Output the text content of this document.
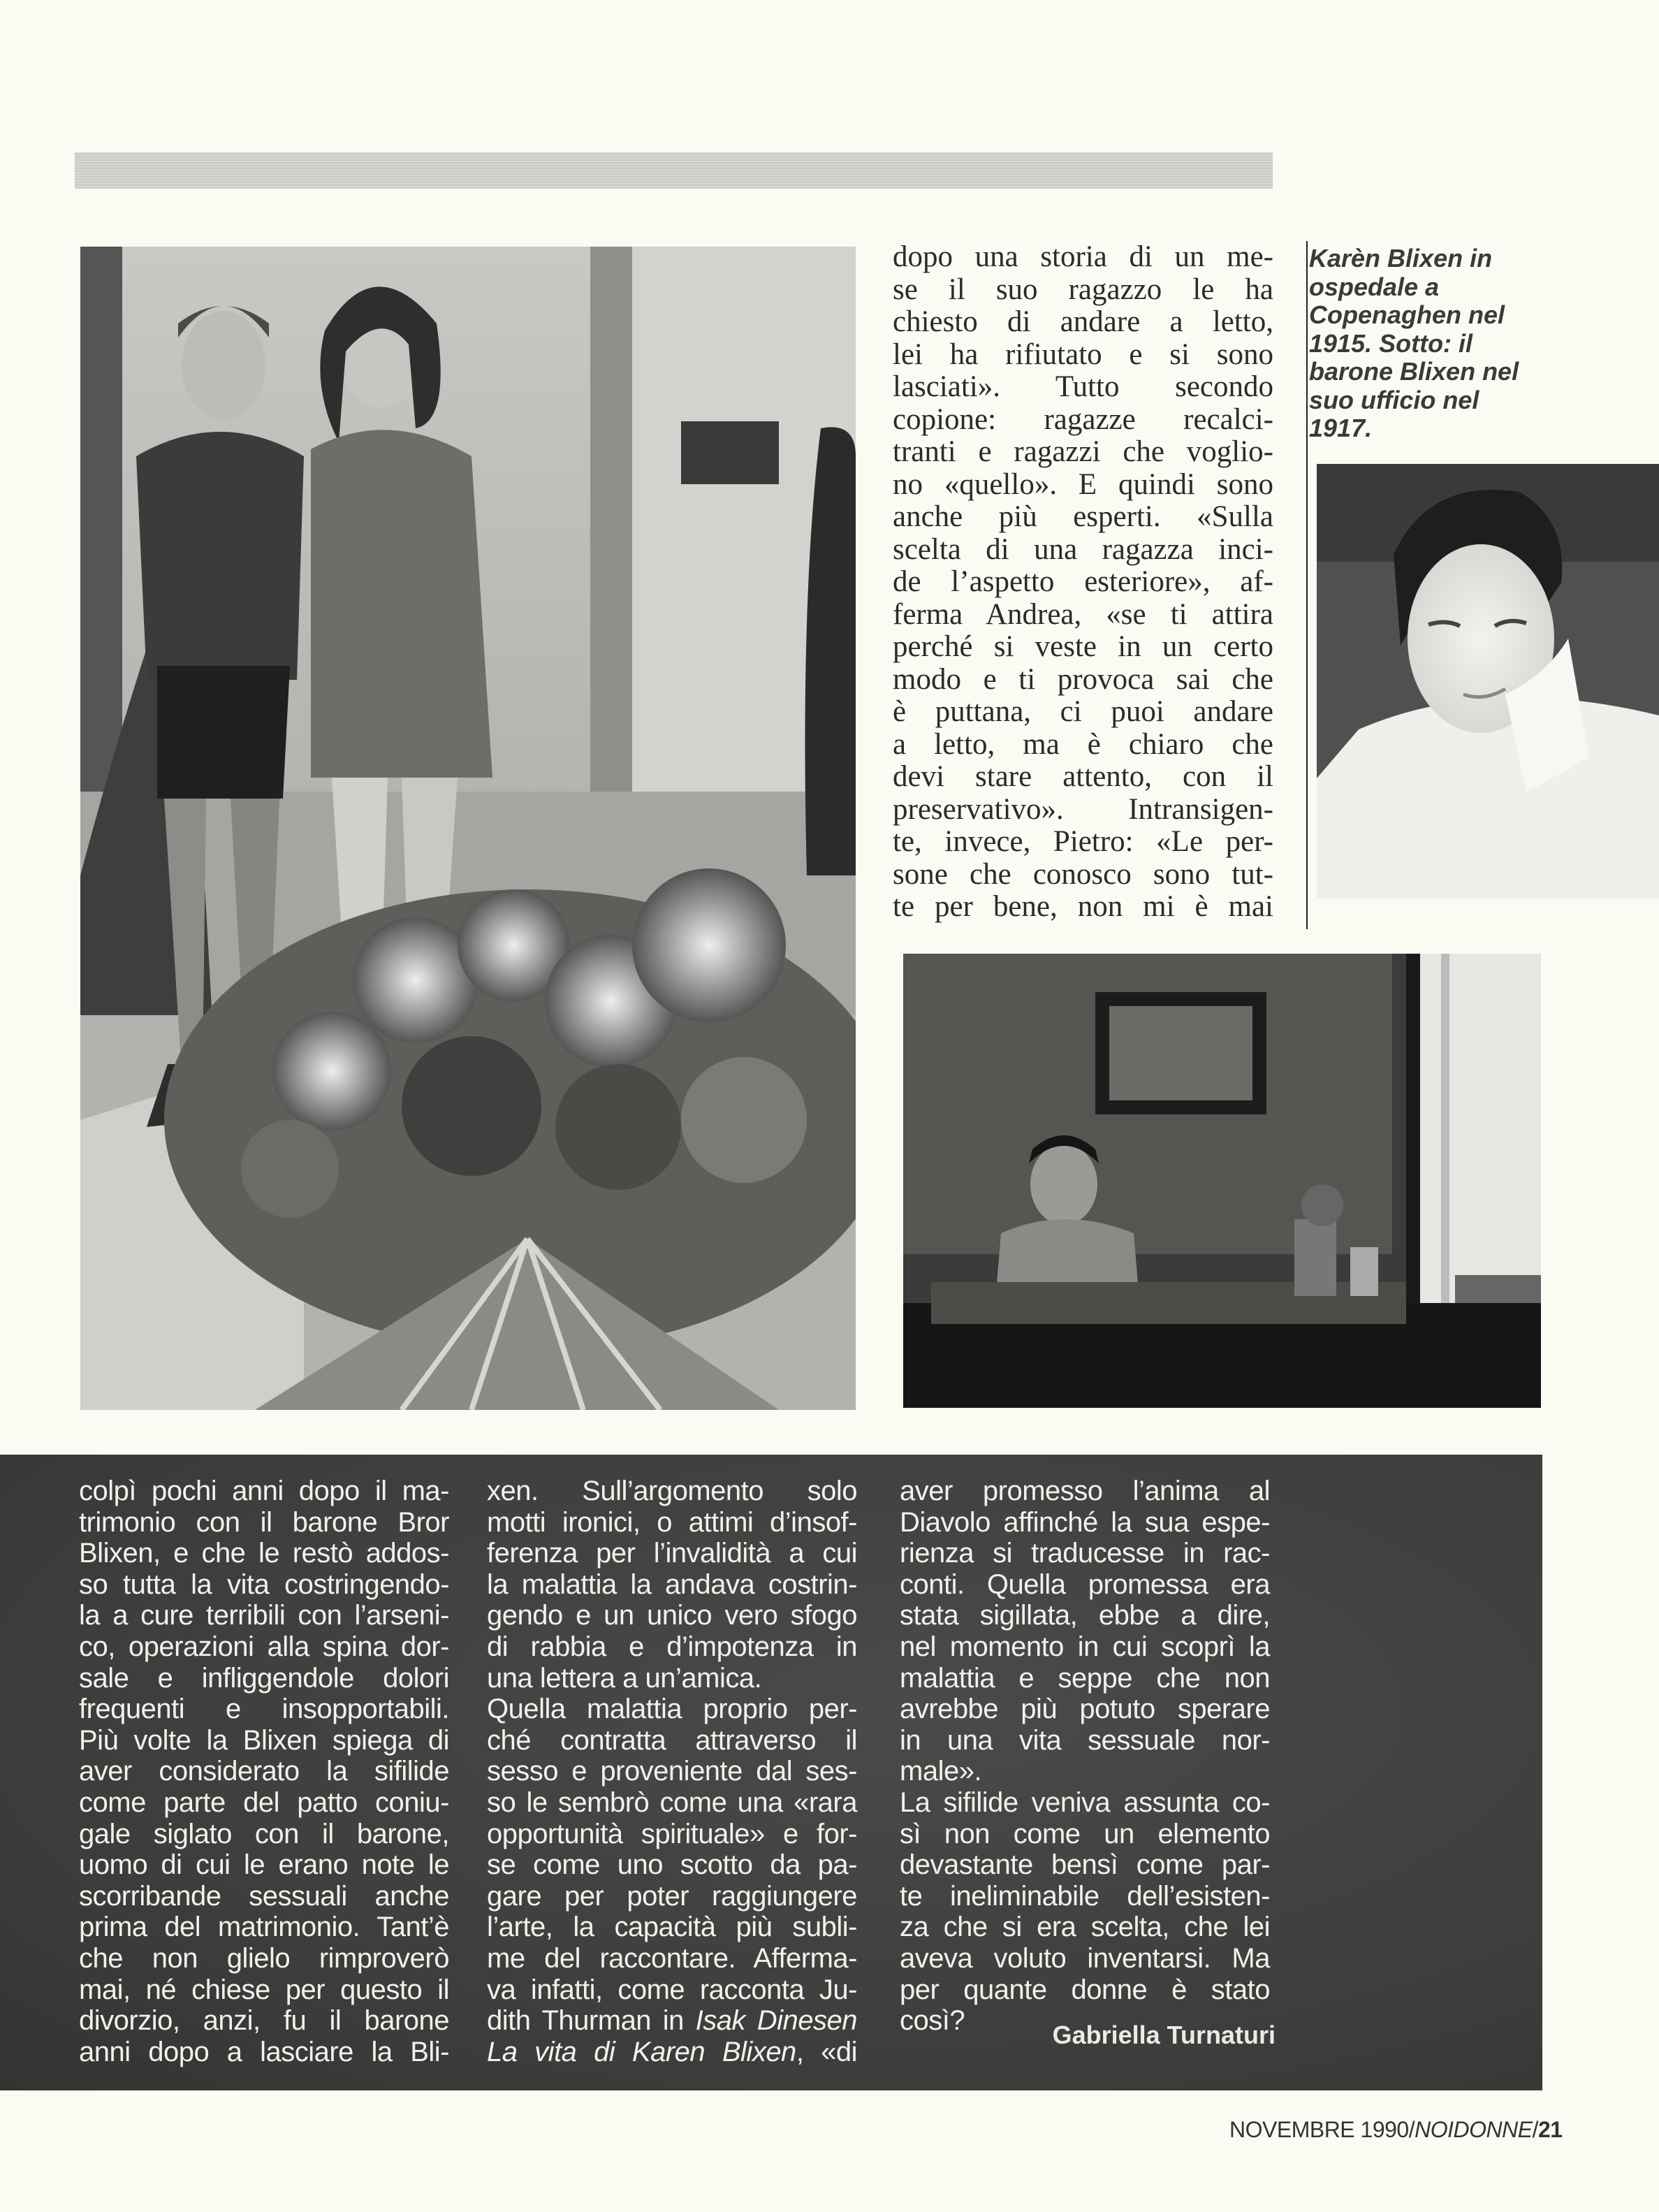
dopo una storia di un me-
se il suo ragazzo le ha
chiesto di andare a letto,
lei ha rifiutato e si sono
lasciati». Tutto secondo
copione: ragazze recalci-
tranti e ragazzi che voglio-
no «quello». E quindi sono
anche più esperti. «Sulla
scelta di una ragazza inci-
de l’aspetto esteriore», af-
ferma Andrea, «se ti attira
perché si veste in un certo
modo e ti provoca sai che
è puttana, ci puoi andare
a letto, ma è chiaro che
devi stare attento, con il
preservativo». Intransigen-
te, invece, Pietro: «Le per-
sone che conosco sono tut-
te per bene, non mi è mai
Karèn Blixen in
ospedale a
Copenaghen nel
1915. Sotto: il
barone Blixen nel
suo ufficio nel
1917.
colpì pochi anni dopo il ma-
trimonio con il barone Bror
Blixen, e che le restò addos-
so tutta la vita costringendo-
la a cure terribili con l’arseni-
co, operazioni alla spina dor-
sale e infliggendole dolori
frequenti e insopportabili.
Più volte la Blixen spiega di
aver considerato la sifilide
come parte del patto coniu-
gale siglato con il barone,
uomo di cui le erano note le
scorribande sessuali anche
prima del matrimonio. Tant’è
che non glielo rimproverò
mai, né chiese per questo il
divorzio, anzi, fu il barone
anni dopo a lasciare la Bli-
xen. Sull’argomento solo
motti ironici, o attimi d’insof-
ferenza per l’invalidità a cui
la malattia la andava costrin-
gendo e un unico vero sfogo
di rabbia e d’impotenza in
una lettera a un’amica.
Quella malattia proprio per-
ché contratta attraverso il
sesso e proveniente dal ses-
so le sembrò come una «rara
opportunità spirituale» e for-
se come uno scotto da pa-
gare per poter raggiungere
l’arte, la capacità più subli-
me del raccontare. Afferma-
va infatti, come racconta Ju-
dith Thurman in Isak Dinesen
La vita di Karen Blixen, «di
aver promesso l’anima al
Diavolo affinché la sua espe-
rienza si traducesse in rac-
conti. Quella promessa era
stata sigillata, ebbe a dire,
nel momento in cui scoprì la
malattia e seppe che non
avrebbe più potuto sperare
in una vita sessuale nor-
male».
La sifilide veniva assunta co-
sì non come un elemento
devastante bensì come par-
te ineliminabile dell’esisten-
za che si era scelta, che lei
aveva voluto inventarsi. Ma
per quante donne è stato
così?	Gabriella Turnaturi
NOVEMBRE 1990/NOIDONNE/21
